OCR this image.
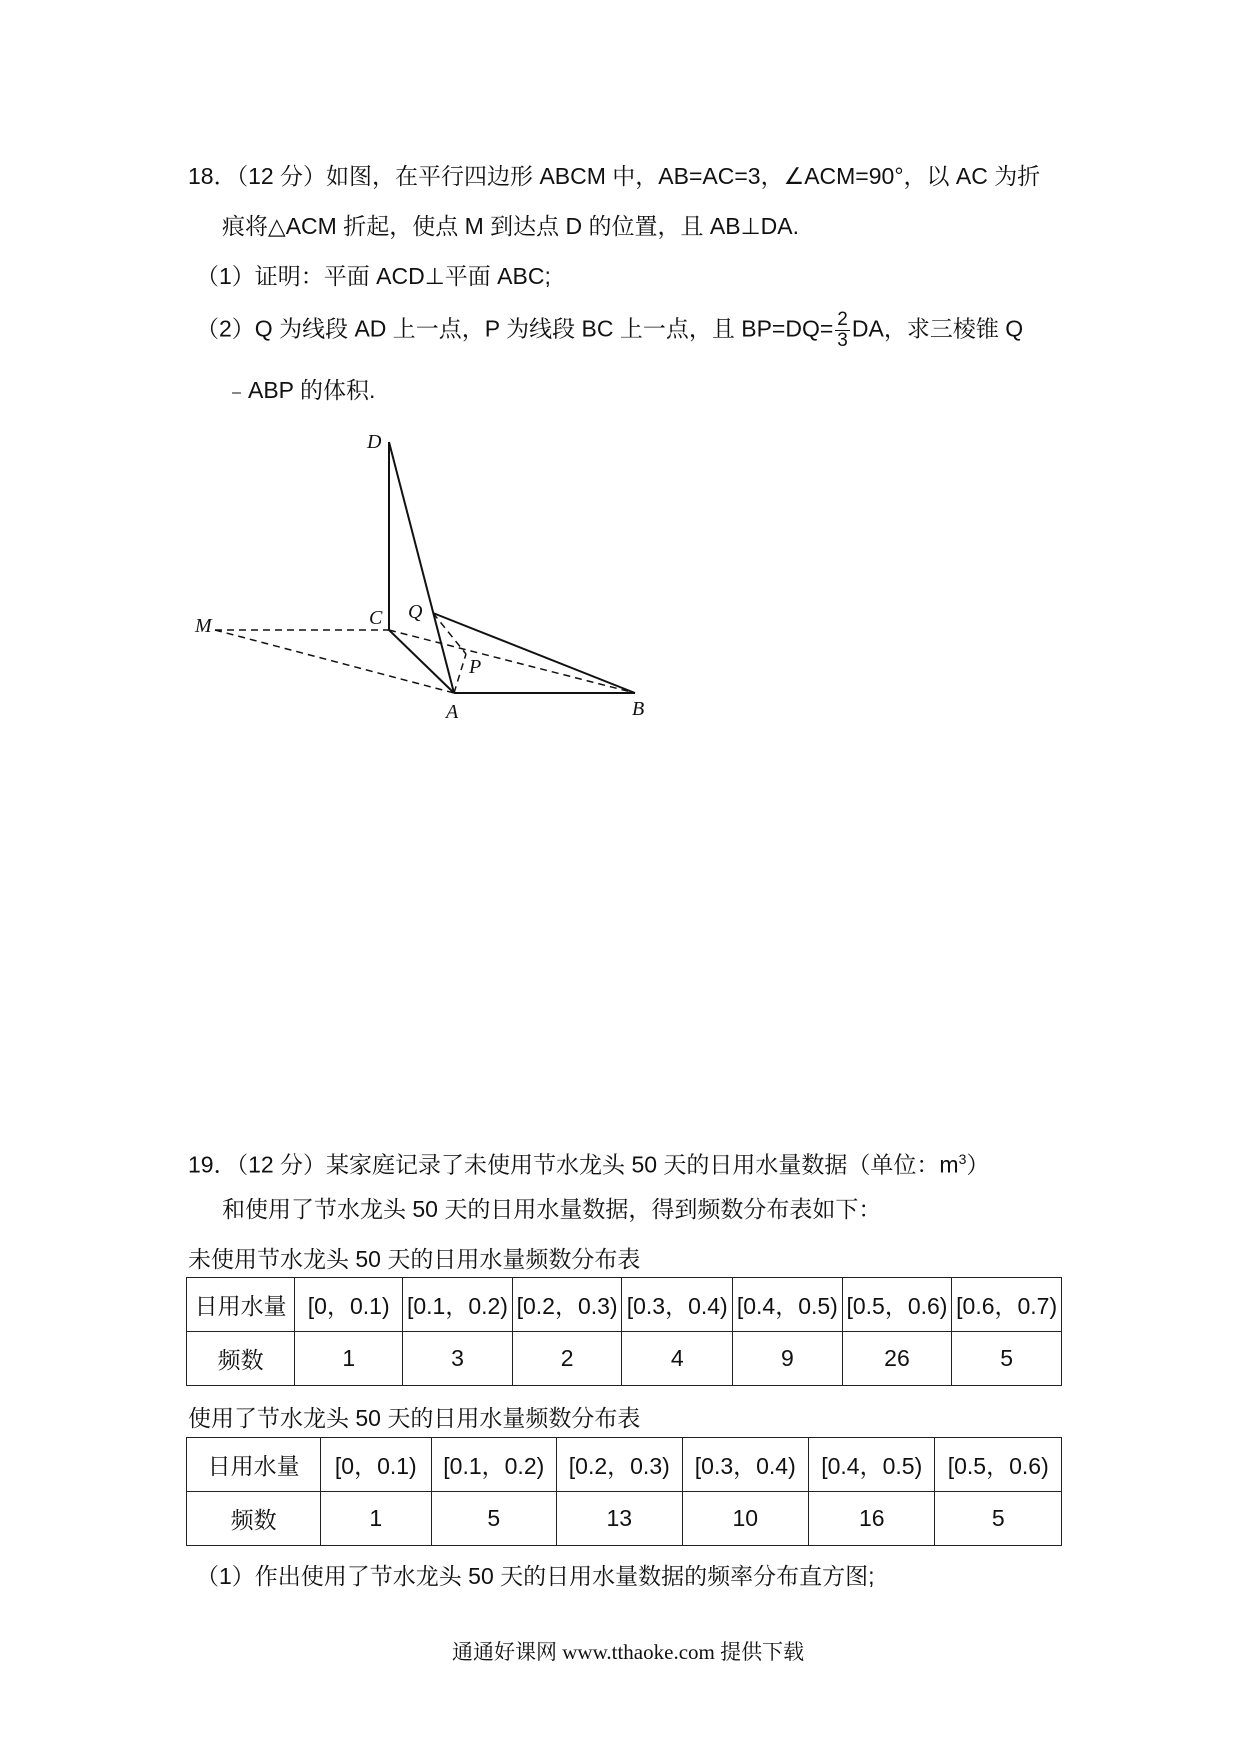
18．（12 分）如图，在平行四边形 ABCM 中，AB=AC=3，∠ACM=90°，以 AC 为折
痕将△ACM 折起，使点 M 到达点 D 的位置，且 AB⊥DA.
（1）证明：平面 ACD⊥平面 ABC;
（2）Q 为线段 AD 上一点，P 为线段 BC 上一点，且 $BP=DQ= \frac{2}{3}$ DA，求三棱锥 Q
﹣ABP 的体积.
D
C Q
M
P
A	B
19．（12 分）某家庭记录了未使用节水龙头 50 天的日用水量数据（单位：$m^3$）
和使用了节水龙头 50 天的日用水量数据，得到频数分布表如下：
未使用节水龙头 50 天的日用水量频数分布表
日用水量	[0，0.1)	[0.1，0.2)	[0.2，0.3)	[0.3，0.4)	[0.4，0.5)	[0.5，0.6)	[0.6，0.7)
频数	1	3	2	4	9	26	5
使用了节水龙头 50 天的日用水量频数分布表
日用水量	[0，0.1)	[0.1，0.2)	[0.2，0.3)	[0.3，0.4)	[0.4，0.5)	[0.5，0.6)
频数	1	5	13	10	16	5
（1）作出使用了节水龙头 50 天的日用水量数据的频率分布直方图;
通通好课网 www.tthaoke.com 提供下载
